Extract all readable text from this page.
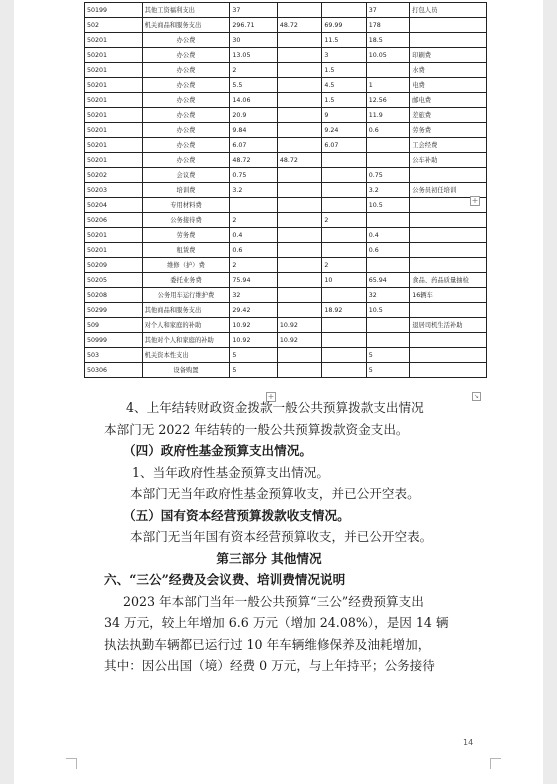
50199	其他工资福利支出	37			37	打包人员
502	机关商品和服务支出	296.71	48.72	69.99	178	
50201	办公费	30		11.5	18.5	
50201	办公费	13.05		3	10.05	印刷费
50201	办公费	2		1.5		水费
50201	办公费	5.5		4.5	1	电费
50201	办公费	14.06		1.5	12.56	邮电费
50201	办公费	20.9		9	11.9	差旅费
50201	办公费	9.84		9.24	0.6	劳务费
50201	办公费	6.07		6.07		工会经费
50201	办公费	48.72	48.72			公车补助
50202	会议费	0.75			0.75	
50203	培训费	3.2			3.2	公务员初任培训
50204	专用材料费				10.5	
50206	公务接待费	2		2		
50201	劳务费	0.4			0.4	
50201	租赁费	0.6			0.6	
50209	维修（护）费	2		2		
50205	委托业务费	75.94		10	65.94	食品、药品质量抽检
50208	公务用车运行维护费	32			32	16辆车
50299	其他商品和服务支出	29.42		18.92	10.5	
509	对个人和家庭的补助	10.92	10.92			退居司机生活补助
50999	其他对个人和家庭的补助	10.92	10.92			
503	机关资本性支出	5			5	
50306	设备购置	5			5	
+
+	↘
4、上年结转财政资金拨款一般公共预算拨款支出情况
本部门无 2022 年结转的一般公共预算拨款资金支出。
（四）政府性基金预算支出情况。
1、当年政府性基金预算支出情况。
本部门无当年政府性基金预算收支，并已公开空表。
（五）国有资本经营预算拨款收支情况。
本部门无当年国有资本经营预算收支，并已公开空表。
第三部分 其他情况
六、“三公”经费及会议费、培训费情况说明
2023 年本部门当年一般公共预算“三公”经费预算支出
34 万元，较上年增加 6.6 万元（增加 24.08%），是因 14 辆
执法执勤车辆都已运行过 10 年车辆维修保养及油耗增加，
其中：因公出国（境）经费 0 万元，与上年持平；公务接待
14
